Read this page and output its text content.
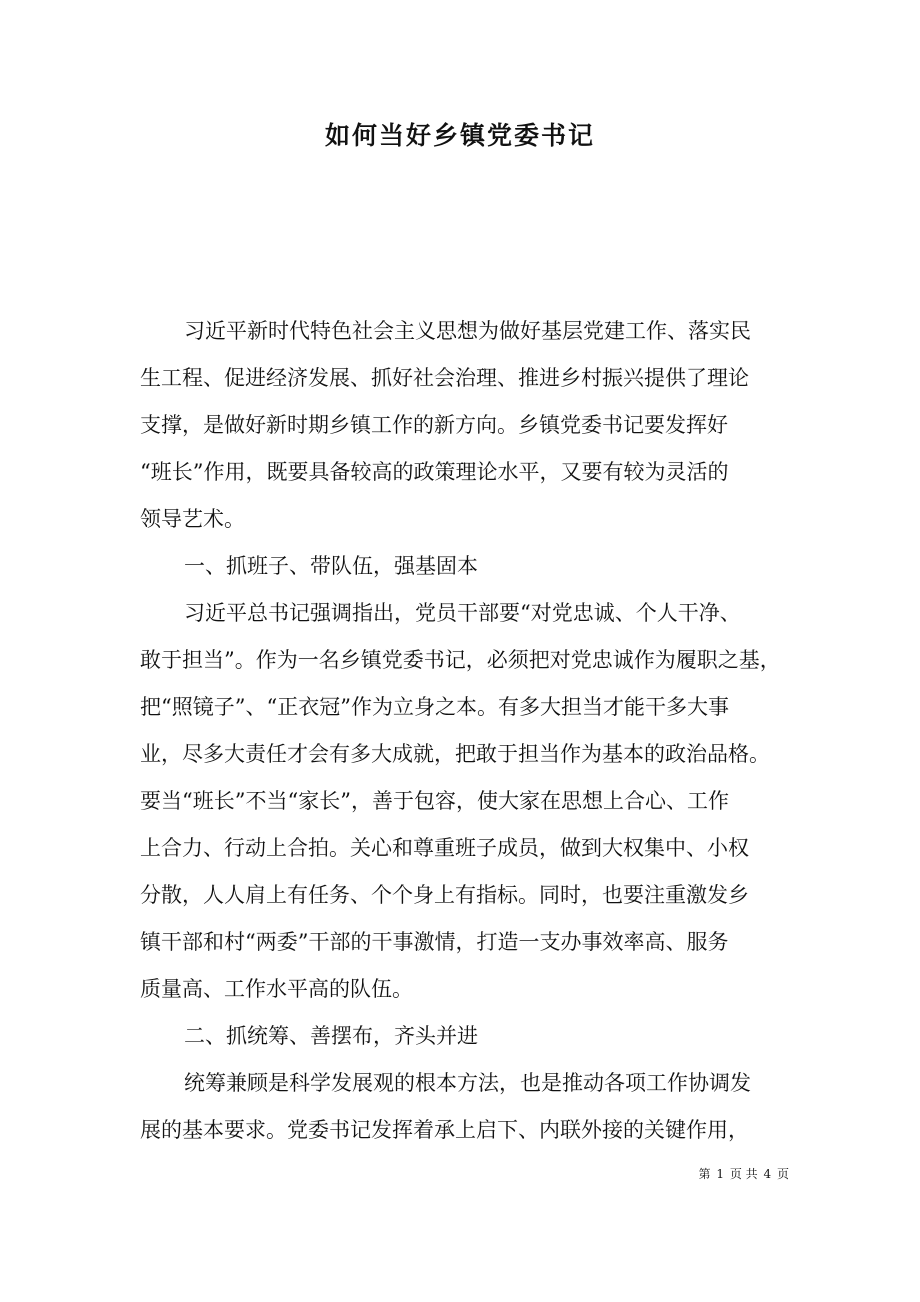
如何当好乡镇党委书记
习近平新时代特色社会主义思想为做好基层党建工作、落实民
生工程、促进经济发展、抓好社会治理、推进乡村振兴提供了理论
支撑，是做好新时期乡镇工作的新方向。乡镇党委书记要发挥好
“班长”作用，既要具备较高的政策理论水平，又要有较为灵活的
领导艺术。
一、抓班子、带队伍，强基固本
习近平总书记强调指出，党员干部要“对党忠诚、个人干净、
敢于担当”。作为一名乡镇党委书记，必须把对党忠诚作为履职之基，
把“照镜子”、“正衣冠”作为立身之本。有多大担当才能干多大事
业，尽多大责任才会有多大成就，把敢于担当作为基本的政治品格。
要当“班长”不当“家长”，善于包容，使大家在思想上合心、工作
上合力、行动上合拍。关心和尊重班子成员，做到大权集中、小权
分散，人人肩上有任务、个个身上有指标。同时，也要注重激发乡
镇干部和村“两委”干部的干事激情，打造一支办事效率高、服务
质量高、工作水平高的队伍。
二、抓统筹、善摆布，齐头并进
统筹兼顾是科学发展观的根本方法，也是推动各项工作协调发
展的基本要求。党委书记发挥着承上启下、内联外接的关键作用，
第 1 页 共 4 页
